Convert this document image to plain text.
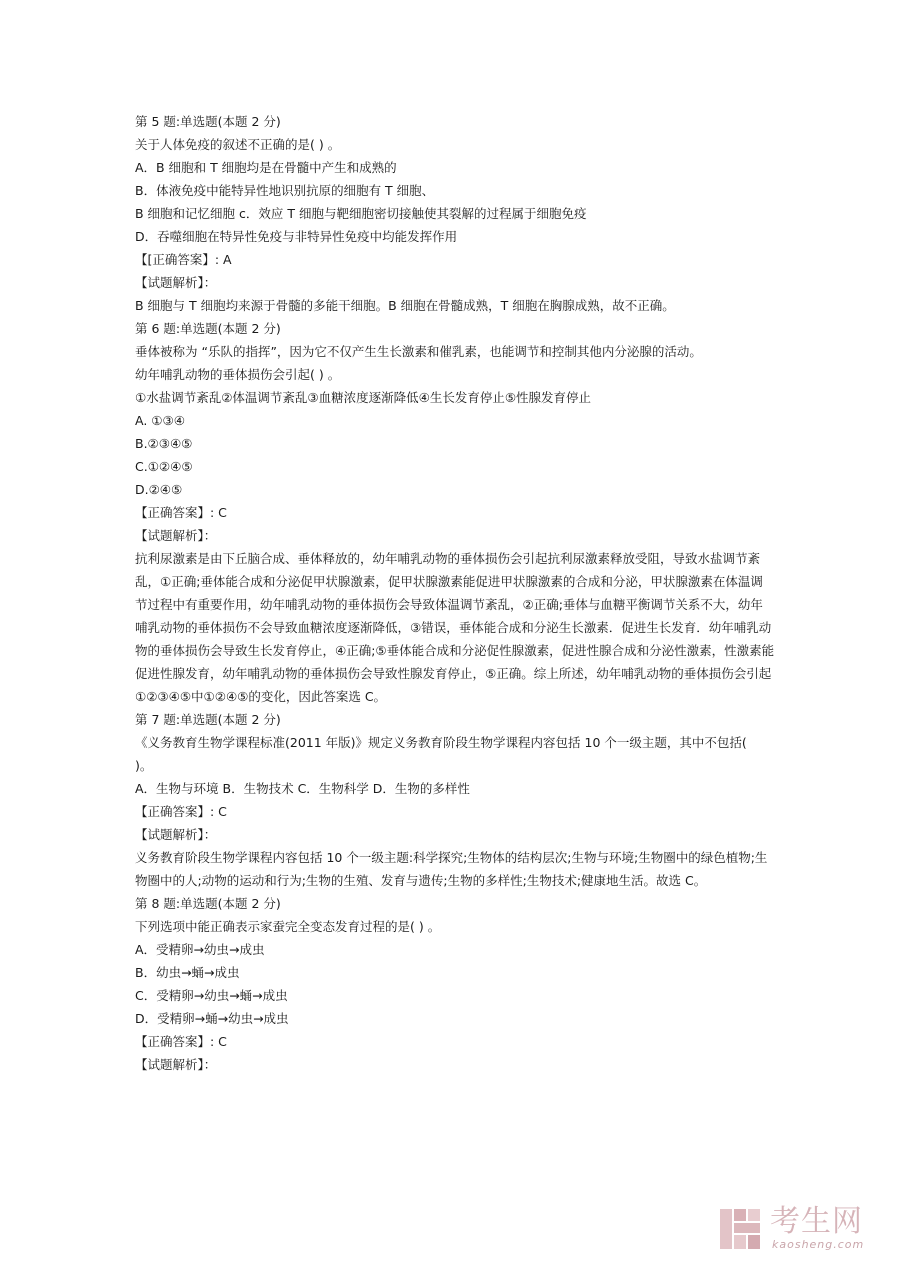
第 5 题:单选题(本题 2 分)
关于人体免疫的叙述不正确的是( ) 。
A．B 细胞和 T 细胞均是在骨髓中产生和成熟的
B．体液免疫中能特异性地识别抗原的细胞有 T 细胞、
B 细胞和记忆细胞 c．效应 T 细胞与靶细胞密切接触使其裂解的过程属于细胞免疫
D．吞噬细胞在特异性免疫与非特异性免疫中均能发挥作用
【[正确答案】: A
【试题解析】：
B 细胞与 T 细胞均来源于骨髓的多能干细胞。B 细胞在骨髓成熟，T 细胞在胸腺成熟，故不正确。
第 6 题:单选题(本题 2 分)
垂体被称为 “乐队的指挥”，因为它不仅产生生长激素和催乳素，也能调节和控制其他内分泌腺的活动。
幼年哺乳动物的垂体损伤会引起( ) 。
①水盐调节紊乱②体温调节紊乱③血糖浓度逐渐降低④生长发育停止⑤性腺发育停止
A. ①③④
B.②③④⑤
C.①②④⑤
D.②④⑤
【正确答案】: C
【试题解析】：
抗利尿激素是由下丘脑合成、垂体释放的，幼年哺乳动物的垂体损伤会引起抗利尿激素释放受阻，导致水盐调节紊乱，①正确;垂体能合成和分泌促甲状腺激素，促甲状腺激素能促进甲状腺激素的合成和分泌，甲状腺激素在体温调节过程中有重要作用，幼年哺乳动物的垂体损伤会导致体温调节紊乱，②正确;垂体与血糖平衡调节关系不大，幼年哺乳动物的垂体损伤不会导致血糖浓度逐渐降低，③错误，垂体能合成和分泌生长激素．促进生长发育．幼年哺乳动物的垂体损伤会导致生长发育停止，④正确;⑤垂体能合成和分泌促性腺激素，促进性腺合成和分泌性激素，性激素能促进性腺发育，幼年哺乳动物的垂体损伤会导致性腺发育停止，⑤正确。综上所述，幼年哺乳动物的垂体损伤会引起①②③④⑤中①②④⑤的变化，因此答案选 C。
第 7 题:单选题(本题 2 分)
《义务教育生物学课程标准(2011 年版)》规定义务教育阶段生物学课程内容包括 10 个一级主题，其中不包括(　 )。
A．生物与环境 B．生物技术 C．生物科学 D．生物的多样性
【正确答案】: C
【试题解析】：
义务教育阶段生物学课程内容包括 10 个一级主题:科学探究;生物体的结构层次;生物与环境;生物圈中的绿色植物;生物圈中的人;动物的运动和行为;生物的生殖、发育与遗传;生物的多样性;生物技术;健康地生活。故选 C。
第 8 题:单选题(本题 2 分)
下列选项中能正确表示家蚕完全变态发育过程的是( ) 。
A．受精卵→幼虫→成虫
B．幼虫→蛹→成虫
C．受精卵→幼虫→蛹→成虫
D．受精卵→蛹→幼虫→成虫
【正确答案】: C
【试题解析】：
考生网
kaosheng.com
